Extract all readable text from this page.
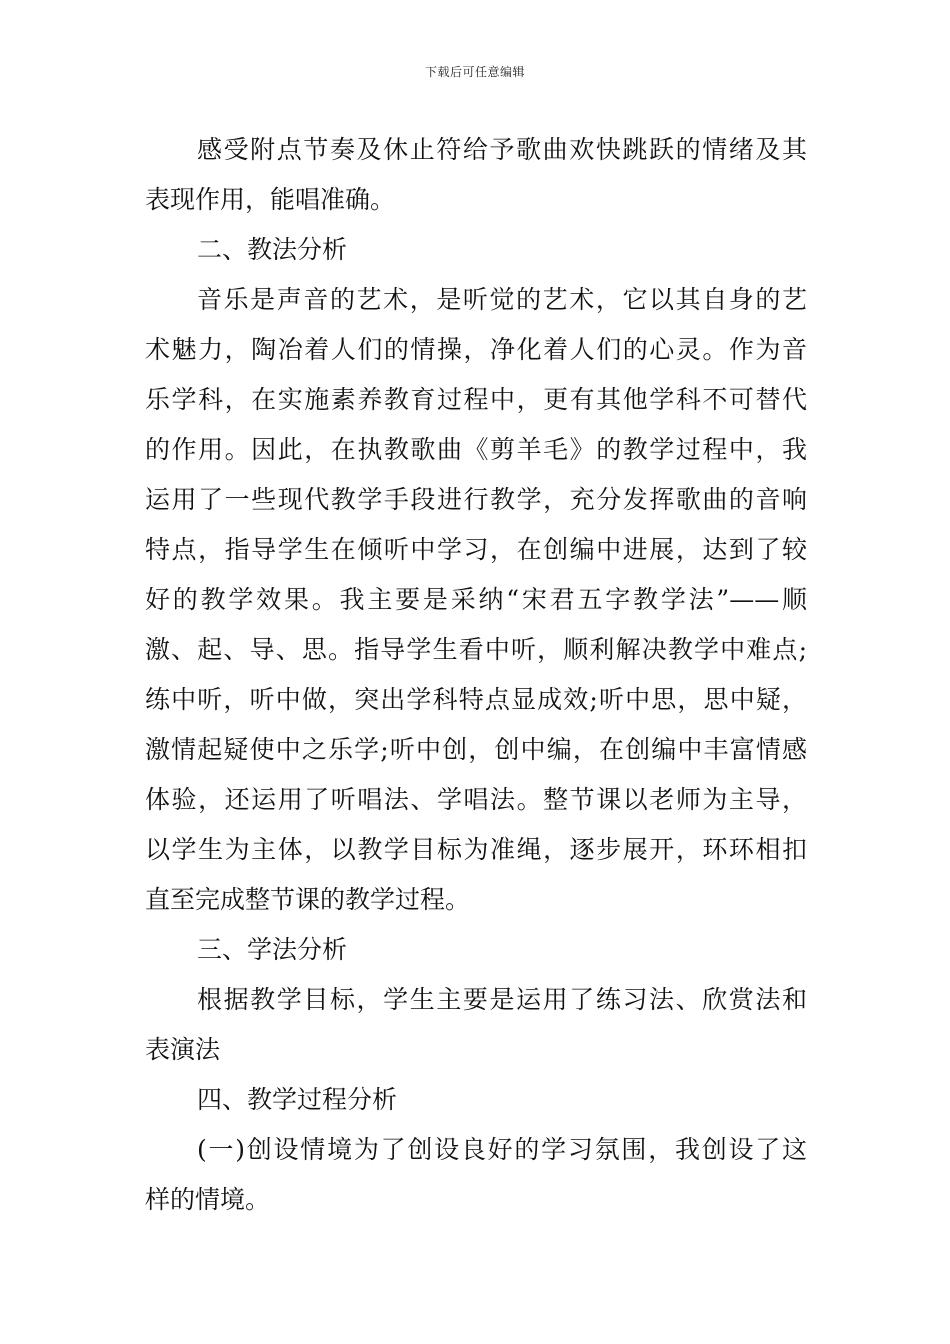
下载后可任意编辑
感受附点节奏及休止符给予歌曲欢快跳跃的情绪及其
表现作用，能唱准确。
二、教法分析
音乐是声音的艺术，是听觉的艺术，它以其自身的艺
术魅力，陶冶着人们的情操，净化着人们的心灵。作为音
乐学科，在实施素养教育过程中，更有其他学科不可替代
的作用。因此，在执教歌曲《剪羊毛》的教学过程中，我
运用了一些现代教学手段进行教学，充分发挥歌曲的音响
特点，指导学生在倾听中学习，在创编中进展，达到了较
好的教学效果。我主要是采纳“宋君五字教学法”——顺
激、起、导、思。指导学生看中听，顺利解决教学中难点;
练中听，听中做，突出学科特点显成效;听中思，思中疑，
激情起疑使中之乐学;听中创，创中编，在创编中丰富情感
体验，还运用了听唱法、学唱法。整节课以老师为主导，
以学生为主体，以教学目标为准绳，逐步展开，环环相扣
直至完成整节课的教学过程。
三、学法分析
根据教学目标，学生主要是运用了练习法、欣赏法和
表演法
四、教学过程分析
(一)创设情境为了创设良好的学习氛围，我创设了这
样的情境。
